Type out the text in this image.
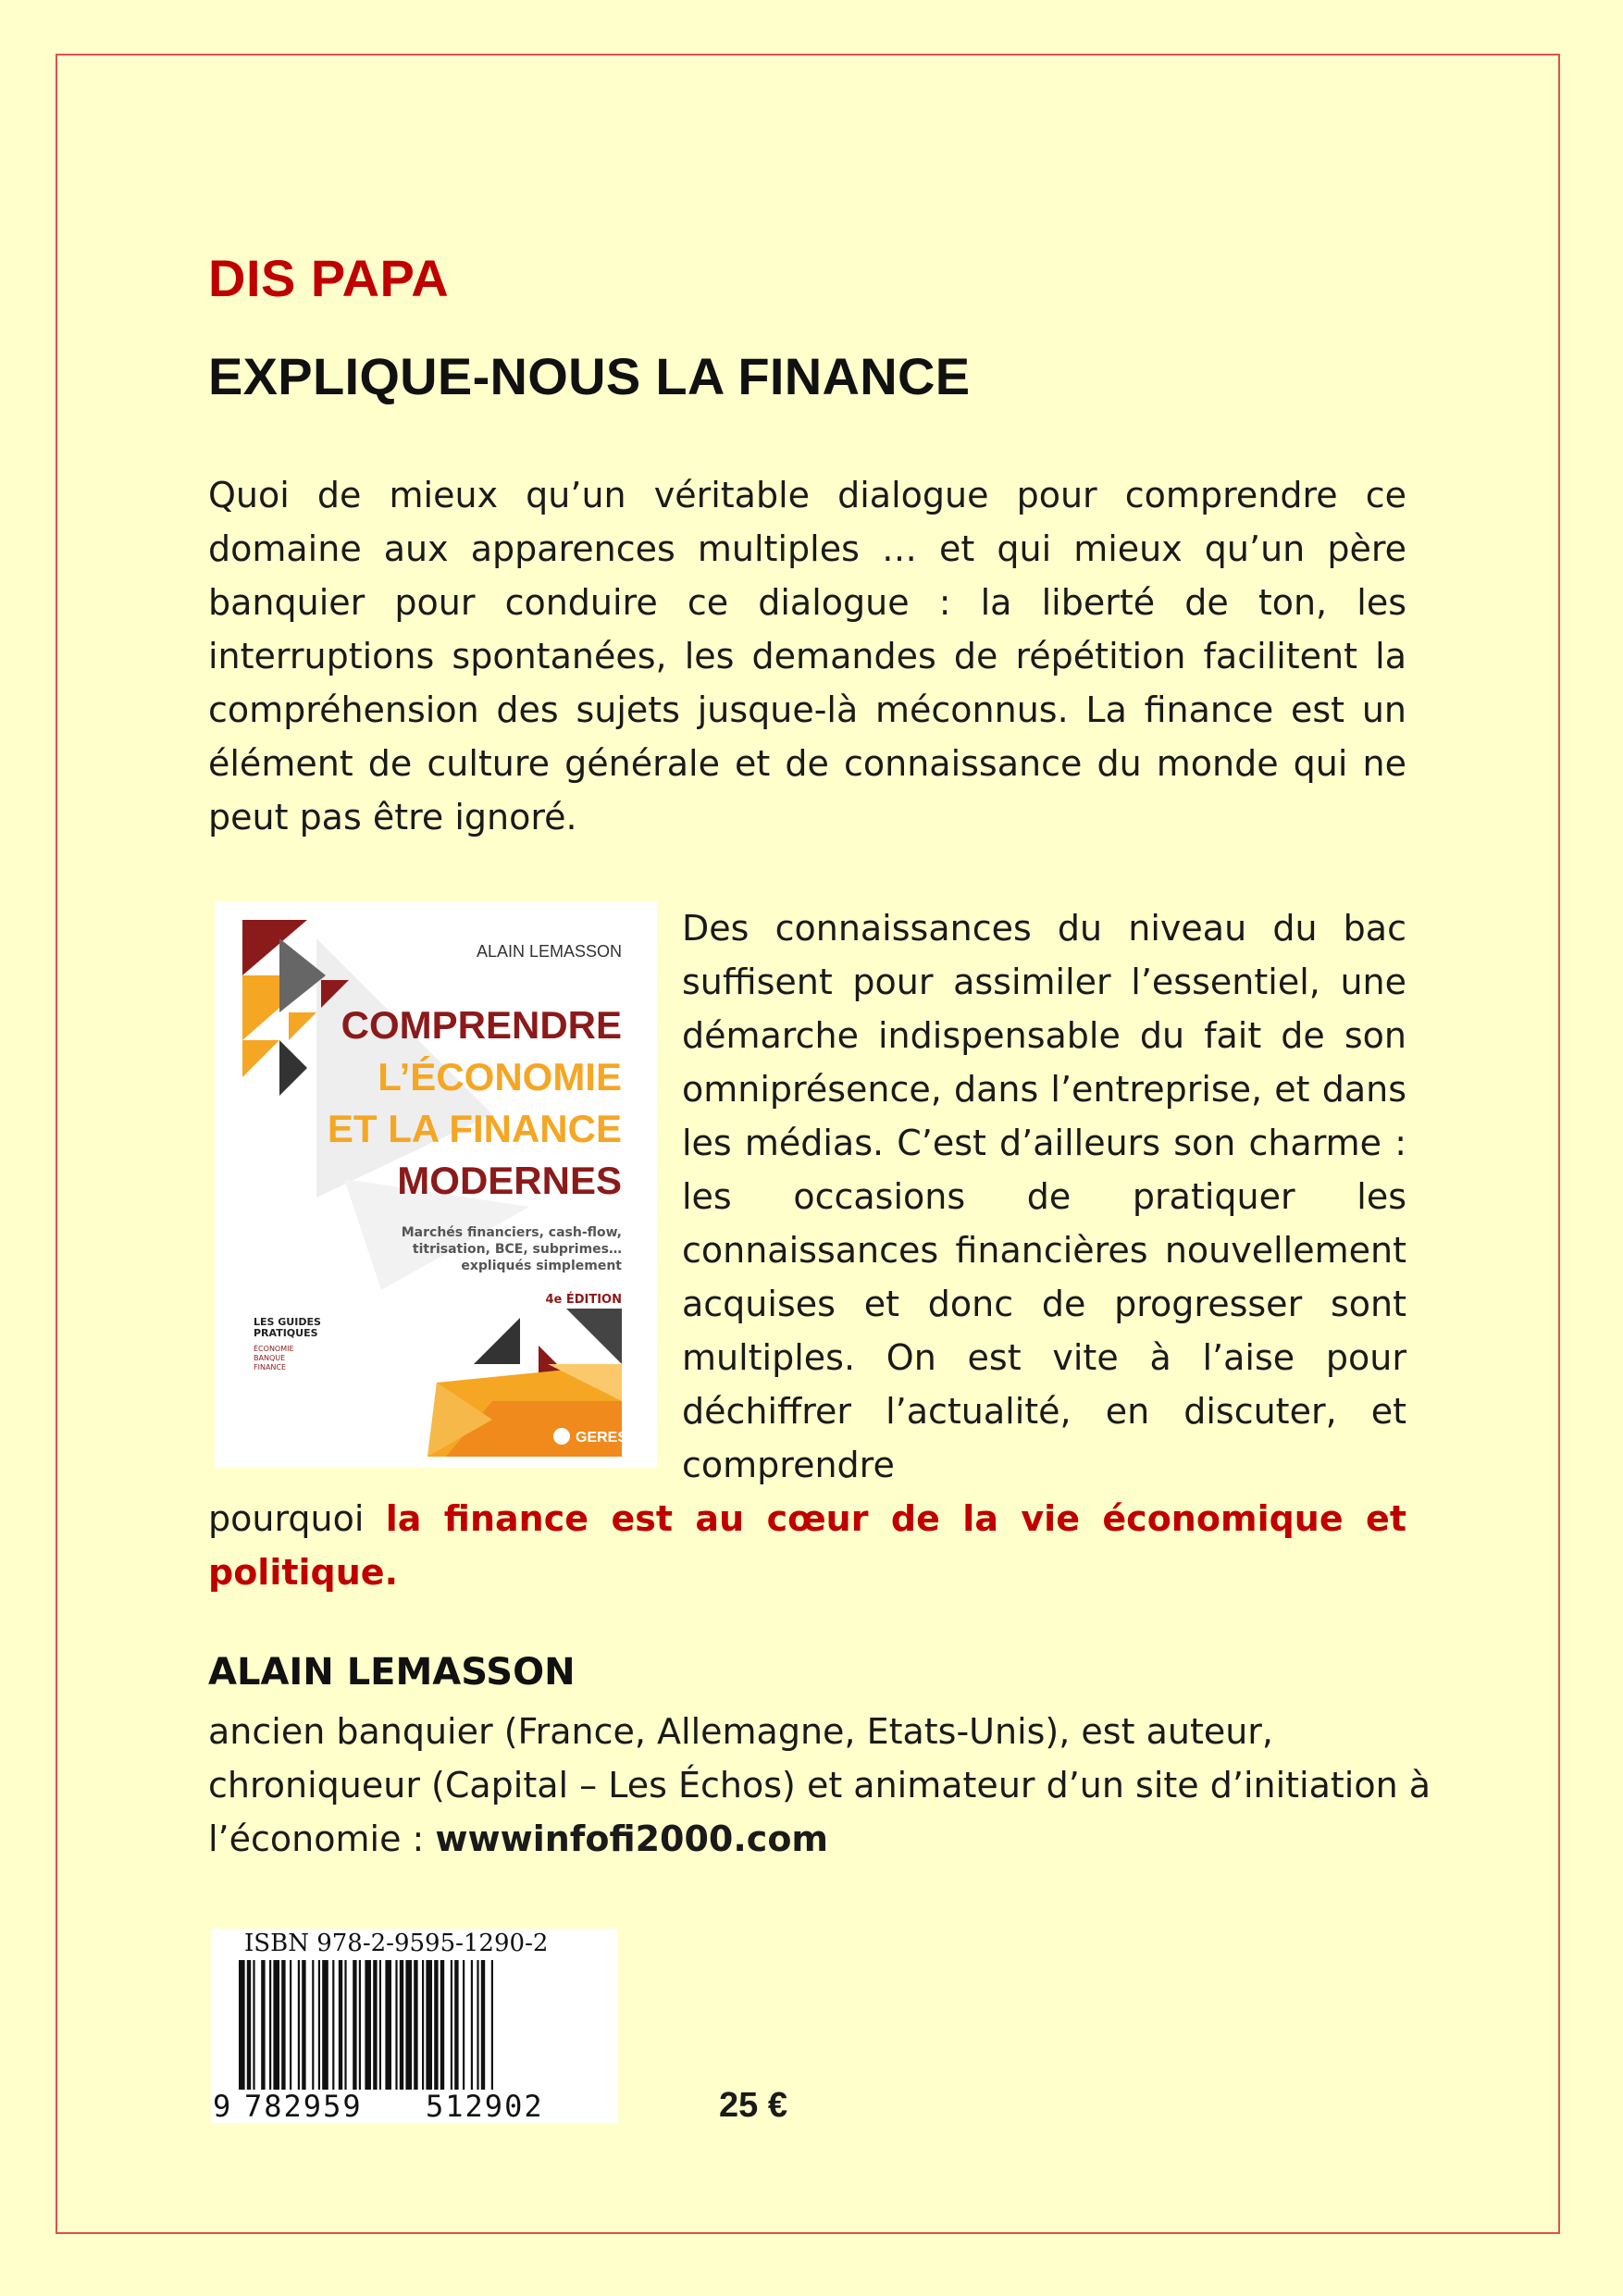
DIS PAPA
EXPLIQUE-NOUS LA FINANCE

Quoi de mieux qu’un véritable dialogue pour comprendre ce domaine aux apparences multiples … et qui mieux qu’un père banquier pour conduire ce dialogue : la liberté de ton, les interruptions spontanées, les demandes de répétition facilitent la compréhension des sujets jusque-là méconnus. La finance est un élément de culture générale et de connaissance du monde qui ne peut pas être ignoré.

ALAIN LEMASSON
COMPRENDRE
L’ÉCONOMIE
ET LA FINANCE
MODERNES
Marchés financiers, cash-flow,
titrisation, BCE, subprimes…
expliqués simplement
4e ÉDITION
LES GUIDES
PRATIQUES
ÉCONOMIE
BANQUE
FINANCE
GERESO

Des connaissances du niveau du bac suffisent pour assimiler l’essentiel, une démarche indispensable du fait de son omniprésence, dans l’entreprise, et dans les médias. C’est d’ailleurs son charme : les occasions de pratiquer les connaissances financières nouvellement acquises et donc de progresser sont multiples. On est vite à l’aise pour déchiffrer l’actualité, en discuter, et comprendre

pourquoi la finance est au cœur de la vie économique et politique.

ALAIN LEMASSON

ancien banquier (France, Allemagne, Etats-Unis), est auteur, chroniqueur (Capital – Les Échos) et animateur d’un site d’initiation à l’économie : wwwinfofi2000.com

ISBN 978-2-9595-1290-2
9 782959 512902	25 €
